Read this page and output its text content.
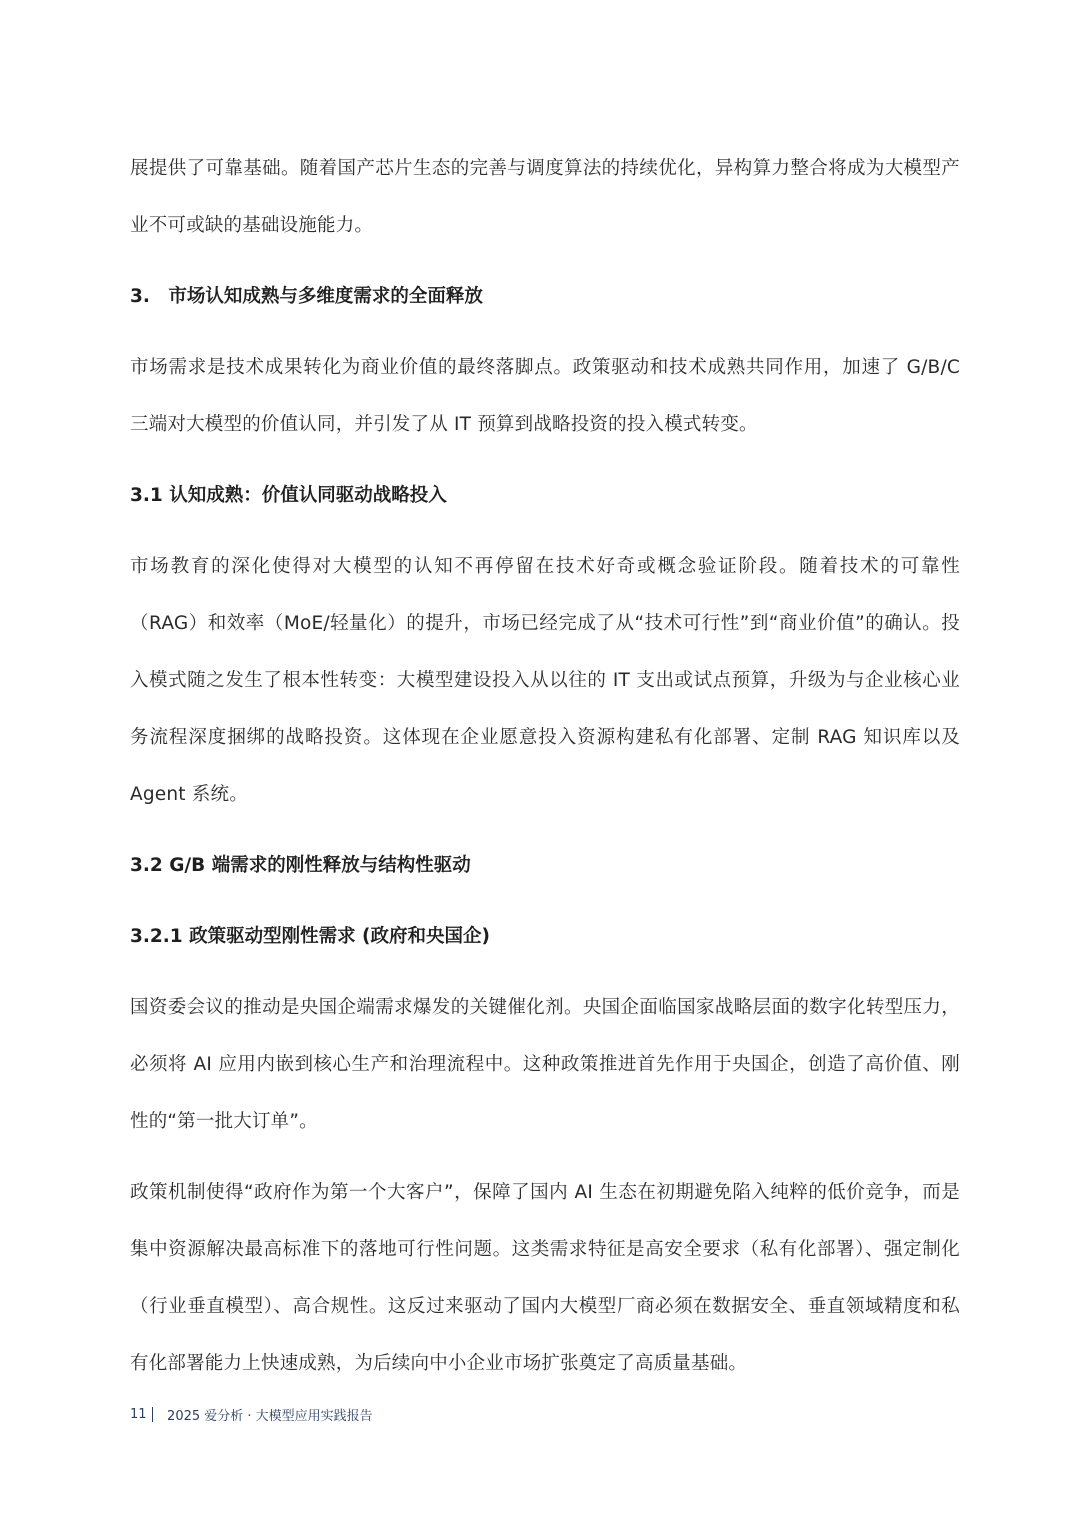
展提供了可靠基础。随着国产芯片生态的完善与调度算法的持续优化，异构算力整合将成为大模型产业不可或缺的基础设施能力。

3.　市场认知成熟与多维度需求的全面释放

市场需求是技术成果转化为商业价值的最终落脚点。政策驱动和技术成熟共同作用，加速了 G/B/C 三端对大模型的价值认同，并引发了从 IT 预算到战略投资的投入模式转变。

3.1 认知成熟：价值认同驱动战略投入

市场教育的深化使得对大模型的认知不再停留在技术好奇或概念验证阶段。随着技术的可靠性（RAG）和效率（MoE/轻量化）的提升，市场已经完成了从“技术可行性”到“商业价值”的确认。投入模式随之发生了根本性转变：大模型建设投入从以往的 IT 支出或试点预算，升级为与企业核心业务流程深度捆绑的战略投资。这体现在企业愿意投入资源构建私有化部署、定制 RAG 知识库以及 Agent 系统。

3.2 G/B 端需求的刚性释放与结构性驱动

3.2.1 政策驱动型刚性需求 (政府和央国企)

国资委会议的推动是央国企端需求爆发的关键催化剂。央国企面临国家战略层面的数字化转型压力，必须将 AI 应用内嵌到核心生产和治理流程中。这种政策推进首先作用于央国企，创造了高价值、刚性的“第一批大订单”。

政策机制使得“政府作为第一个大客户”，保障了国内 AI 生态在初期避免陷入纯粹的低价竞争，而是集中资源解决最高标准下的落地可行性问题。这类需求特征是高安全要求（私有化部署）、强定制化（行业垂直模型）、高合规性。这反过来驱动了国内大模型厂商必须在数据安全、垂直领域精度和私有化部署能力上快速成熟，为后续向中小企业市场扩张奠定了高质量基础。

11 2025 爱分析 · 大模型应用实践报告
